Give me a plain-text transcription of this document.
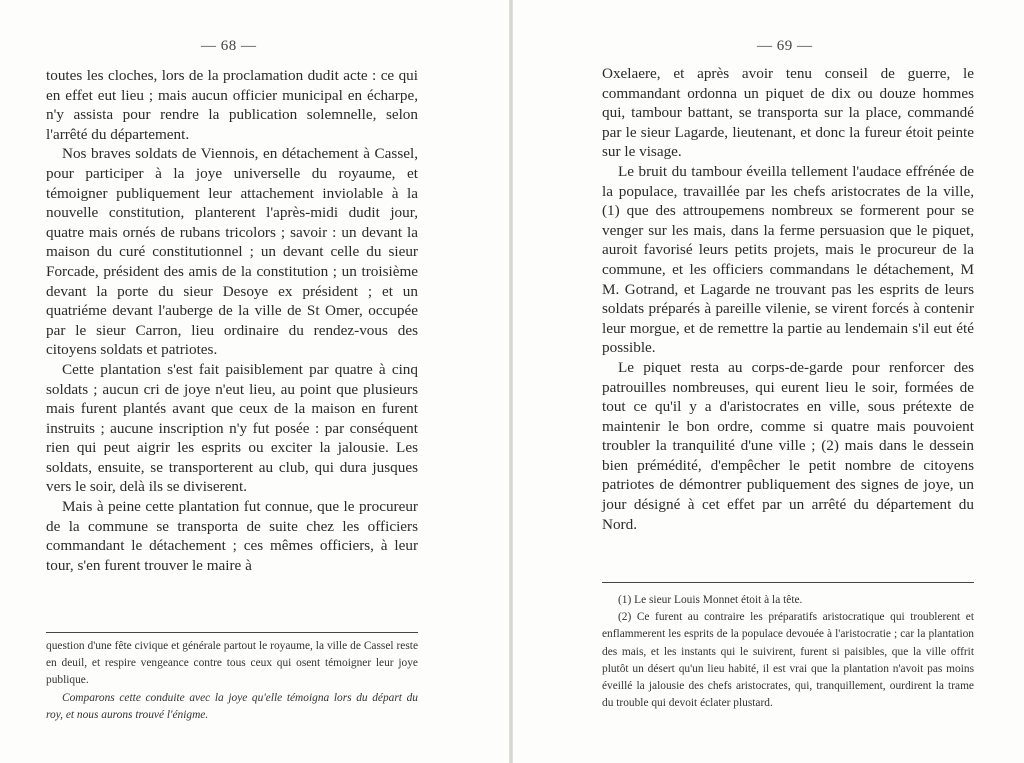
— 68 —

toutes les cloches, lors de la proclamation dudit acte : ce qui en effet eut lieu ; mais aucun officier municipal en écharpe, n'y assista pour rendre la publication solemnelle, selon l'arrêté du département.

Nos braves soldats de Viennois, en détachement à Cassel, pour participer à la joye universelle du royaume, et témoigner publiquement leur attachement inviolable à la nouvelle constitution, planterent l'après-midi dudit jour, quatre mais ornés de rubans tricolors ; savoir : un devant la maison du curé constitutionnel ; un devant celle du sieur Forcade, président des amis de la constitution ; un troisième devant la porte du sieur Desoye ex président ; et un quatriéme devant l'auberge de la ville de St Omer, occupée par le sieur Carron, lieu ordinaire du rendez-vous des citoyens soldats et patriotes.

Cette plantation s'est fait paisiblement par quatre à cinq soldats ; aucun cri de joye n'eut lieu, au point que plusieurs mais furent plantés avant que ceux de la maison en furent instruits ; aucune inscription n'y fut posée : par conséquent rien qui peut aigrir les esprits ou exciter la jalousie. Les soldats, ensuite, se transporterent au club, qui dura jusques vers le soir, delà ils se diviserent.

Mais à peine cette plantation fut connue, que le procureur de la commune se transporta de suite chez les officiers commandant le détachement ; ces mêmes officiers, à leur tour, s'en furent trouver le maire à

question d'une fête civique et générale partout le royaume, la ville de Cassel reste en deuil, et respire vengeance contre tous ceux qui osent témoigner leur joye publique.

Comparons cette conduite avec la joye qu'elle témoigna lors du départ du roy, et nous aurons trouvé l'énigme.

— 69 —

Oxelaere, et après avoir tenu conseil de guerre, le commandant ordonna un piquet de dix ou douze hommes qui, tambour battant, se transporta sur la place, commandé par le sieur Lagarde, lieutenant, et donc la fureur étoit peinte sur le visage.

Le bruit du tambour éveilla tellement l'audace effrénée de la populace, travaillée par les chefs aristocrates de la ville, (1) que des attroupemens nombreux se formerent pour se venger sur les mais, dans la ferme persuasion que le piquet, auroit favorisé leurs petits projets, mais le procureur de la commune, et les officiers commandans le détachement, M M. Gotrand, et Lagarde ne trouvant pas les esprits de leurs soldats préparés à pareille vilenie, se virent forcés à contenir leur morgue, et de remettre la partie au lendemain s'il eut été possible.

Le piquet resta au corps-de-garde pour renforcer des patrouilles nombreuses, qui eurent lieu le soir, formées de tout ce qu'il y a d'aristocrates en ville, sous prétexte de maintenir le bon ordre, comme si quatre mais pouvoient troubler la tranquilité d'une ville ; (2) mais dans le dessein bien prémédité, d'empêcher le petit nombre de citoyens patriotes de démontrer publiquement des signes de joye, un jour désigné à cet effet par un arrêté du département du Nord.

(1) Le sieur Louis Monnet étoit à la tête.

(2) Ce furent au contraire les préparatifs aristocratique qui troublerent et enflammerent les esprits de la populace devouée à l'aristocratie ; car la plantation des mais, et les instants qui le suivirent, furent si paisibles, que la ville offrit plutôt un désert qu'un lieu habité, il est vrai que la plantation n'avoit pas moins éveillé la jalousie des chefs aristocrates, qui, tranquillement, ourdirent la trame du trouble qui devoit éclater plustard.
